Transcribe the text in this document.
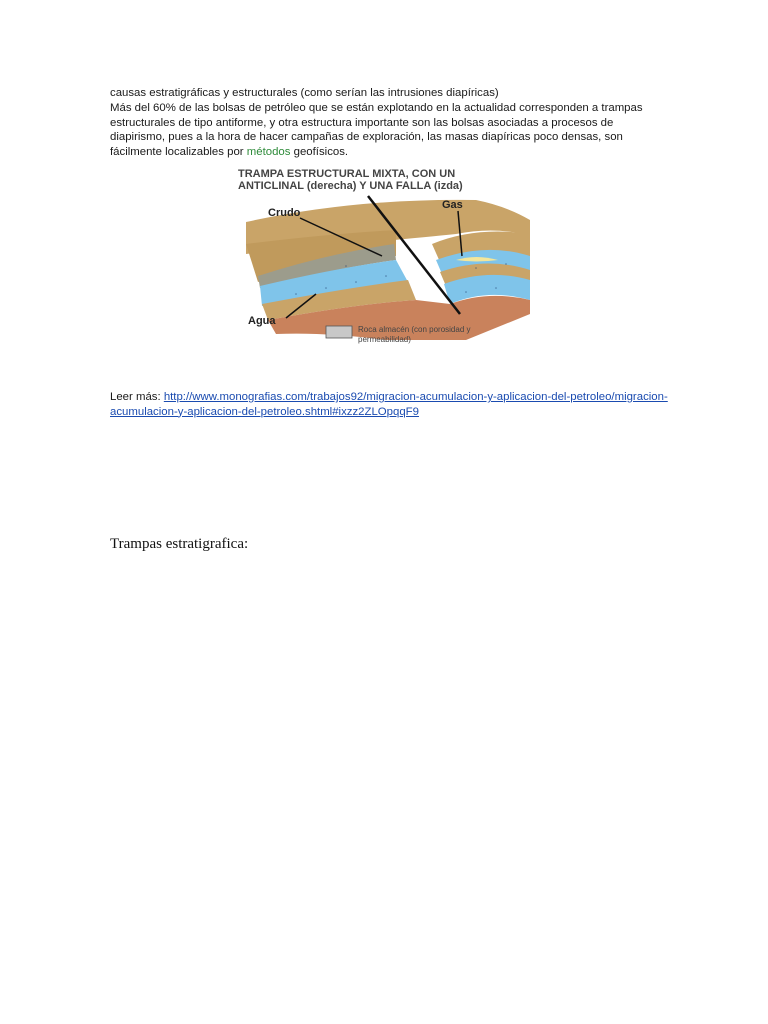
causas estratigráficas y estructurales (como serían las intrusiones diapíricas)

Más del 60% de las bolsas de petróleo que se están explotando en la actualidad corresponden a trampas estructurales de tipo antiforme, y otra estructura importante son las bolsas asociadas a procesos de diapirismo, pues a la hora de hacer campañas de exploración, las masas diapíricas poco densas, son fácilmente localizables por métodos geofísicos.

TRAMPA ESTRUCTURAL MIXTA, CON UN
ANTICLINAL (derecha) Y UNA FALLA (izda)
Crudo
Gas
Agua
Roca almacén (con porosidad y
permeabilidad)
Leer más: http://www.monografias.com/trabajos92/migracion-acumulacion-y-aplicacion-del-petroleo/migracion-acumulacion-y-aplicacion-del-petroleo.shtml#ixzz2ZLOpqqF9
Trampas estratigrafica:
